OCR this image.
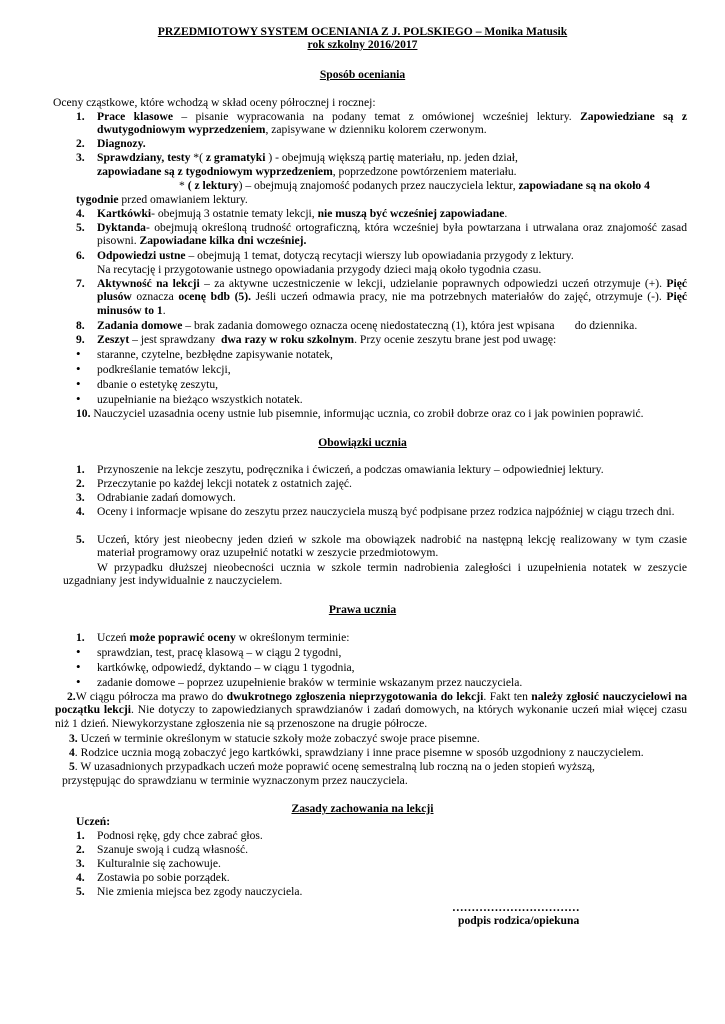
PRZEDMIOTOWY SYSTEM OCENIANIA Z J. POLSKIEGO – Monika Matusik
rok szkolny 2016/2017
Sposób oceniania
Oceny cząstkowe, które wchodzą w skład oceny półrocznej i rocznej:
1. Prace klasowe – pisanie wypracowania na podany temat z omówionej wcześniej lektury. Zapowiedziane są z dwutygodniowym wyprzedzeniem, zapisywane w dzienniku kolorem czerwonym.
2. Diagnozy.
3. Sprawdziany, testy *( z gramatyki ) - obejmują większą partię materiału, np. jeden dział,
zapowiadane są z tygodniowym wyprzedzeniem, poprzedzone powtórzeniem materiału.
* ( z lektury) – obejmują znajomość podanych przez nauczyciela lektur, zapowiadane są na około 4
tygodnie przed omawianiem lektury.
4. Kartkówki- obejmują 3 ostatnie tematy lekcji, nie muszą być wcześniej zapowiadane.
5. Dyktanda- obejmują określoną trudność ortograficzną, która wcześniej była powtarzana i utrwalana oraz znajomość zasad pisowni. Zapowiadane kilka dni wcześniej.
6. Odpowiedzi ustne – obejmują 1 temat, dotyczą recytacji wierszy lub opowiadania przygody z lektury.
Na recytację i przygotowanie ustnego opowiadania przygody dzieci mają około tygodnia czasu.
7. Aktywność na lekcji – za aktywne uczestniczenie w lekcji, udzielanie poprawnych odpowiedzi uczeń otrzymuje (+). Pięć plusów oznacza ocenę bdb (5). Jeśli uczeń odmawia pracy, nie ma potrzebnych materiałów do zajęć, otrzymuje (-). Pięć minusów to 1.
8. Zadania domowe – brak zadania domowego oznacza ocenę niedostateczną (1), która jest wpisana       do dziennika.
9. Zeszyt – jest sprawdzany  dwa razy w roku szkolnym. Przy ocenie zeszytu brane jest pod uwagę:
• staranne, czytelne, bezbłędne zapisywanie notatek,
• podkreślanie tematów lekcji,
• dbanie o estetykę zeszytu,
• uzupełnianie na bieżąco wszystkich notatek.
10. Nauczyciel uzasadnia oceny ustnie lub pisemnie, informując ucznia, co zrobił dobrze oraz co i jak powinien poprawić.
Obowiązki ucznia
1. Przynoszenie na lekcje zeszytu, podręcznika i ćwiczeń, a podczas omawiania lektury – odpowiedniej lektury.
2. Przeczytanie po każdej lekcji notatek z ostatnich zajęć.
3. Odrabianie zadań domowych.
4. Oceny i informacje wpisane do zeszytu przez nauczyciela muszą być podpisane przez rodzica najpóźniej w ciągu trzech dni.
5. Uczeń, który jest nieobecny jeden dzień w szkole ma obowiązek nadrobić na następną lekcję realizowany w tym czasie materiał programowy oraz uzupełnić notatki w zeszycie przedmiotowym.
W przypadku dłuższej nieobecności ucznia w szkole termin nadrobienia zaległości i uzupełnienia notatek w zeszycie uzgadniany jest indywidualnie z nauczycielem.
Prawa ucznia
1. Uczeń może poprawić oceny w określonym terminie:
• sprawdzian, test, pracę klasową – w ciągu 2 tygodni,
• kartkówkę, odpowiedź, dyktando – w ciągu 1 tygodnia,
• zadanie domowe – poprzez uzupełnienie braków w terminie wskazanym przez nauczyciela.
2.W ciągu półrocza ma prawo do dwukrotnego zgłoszenia nieprzygotowania do lekcji. Fakt ten należy zgłosić nauczycielowi na początku lekcji. Nie dotyczy to zapowiedzianych sprawdzianów i zadań domowych, na których wykonanie uczeń miał więcej czasu niż 1 dzień. Niewykorzystane zgłoszenia nie są przenoszone na drugie półrocze.
3. Uczeń w terminie określonym w statucie szkoły może zobaczyć swoje prace pisemne.
4. Rodzice ucznia mogą zobaczyć jego kartkówki, sprawdziany i inne prace pisemne w sposób uzgodniony z nauczycielem.
5. W uzasadnionych przypadkach uczeń może poprawić ocenę semestralną lub roczną na o jeden stopień wyższą,
przystępując do sprawdzianu w terminie wyznaczonym przez nauczyciela.
Zasady zachowania na lekcji
Uczeń:
1. Podnosi rękę, gdy chce zabrać głos.
2. Szanuje swoją i cudzą własność.
3. Kulturalnie się zachowuje.
4. Zostawia po sobie porządek.
5. Nie zmienia miejsca bez zgody nauczyciela.
……………………………
podpis rodzica/opiekuna
